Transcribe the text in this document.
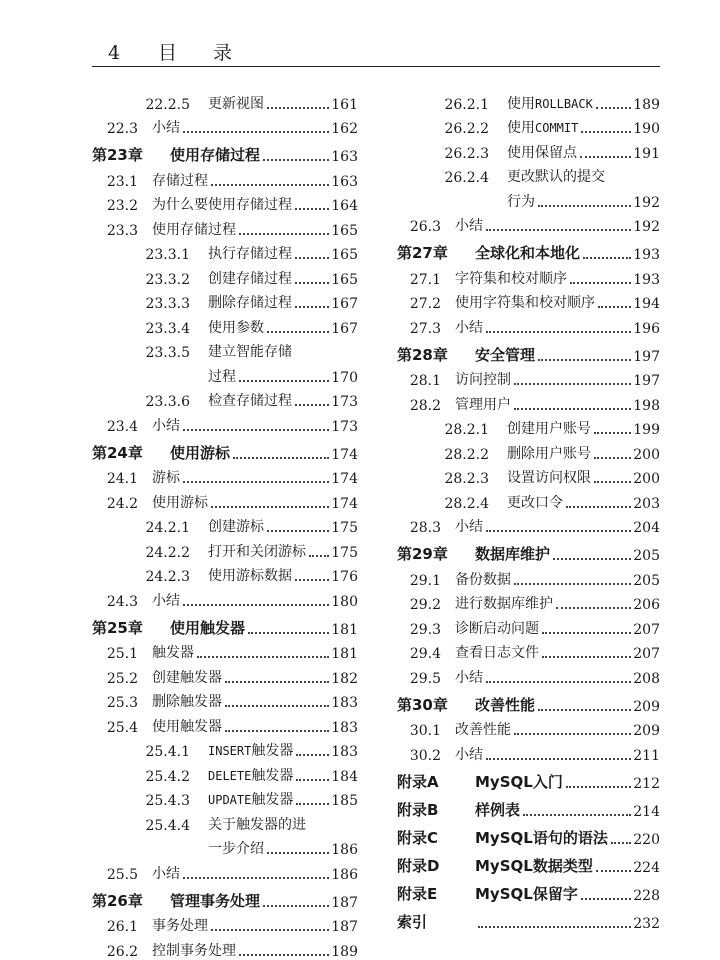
4 目录
22.2.5 更新视图	161
22.3 小结	162
第23章	使用存储过程	163
23.1 存储过程	163
23.2 为什么要使用存储过程	164
23.3 使用存储过程	165
23.3.1 执行存储过程	165
23.3.2 创建存储过程	165
23.3.3 删除存储过程	167
23.3.4 使用参数	167
23.3.5 建立智能存储
过程	170
23.3.6 检查存储过程	173
23.4 小结	173
第24章	使用游标	174
24.1 游标	174
24.2 使用游标	174
24.2.1 创建游标	175
24.2.2 打开和关闭游标 175
24.2.3 使用游标数据	176
24.3 小结	180
第25章	使用触发器	181
25.1 触发器	181
25.2 创建触发器	182
25.3 删除触发器	183
25.4 使用触发器	183
25.4.1 INSERT触发器	183
25.4.2 DELETE触发器	184
25.4.3 UPDATE触发器	185
25.4.4 关于触发器的进
一步介绍	186
25.5 小结	186
第26章	管理事务处理	187
26.1 事务处理	187
26.2 控制事务处理	189
26.2.1 使用ROLLBACK	189
26.2.2 使用COMMIT	190
26.2.3 使用保留点	191
26.2.4 更改默认的提交
行为	192
26.3 小结	192
第27章	全球化和本地化	193
27.1 字符集和校对顺序	193
27.2 使用字符集和校对顺序	194
27.3 小结	196
第28章	安全管理	197
28.1 访问控制	197
28.2 管理用户	198
28.2.1 创建用户账号	199
28.2.2 删除用户账号	200
28.2.3 设置访问权限	200
28.2.4 更改口令	203
28.3 小结	204
第29章	数据库维护	205
29.1 备份数据	205
29.2 进行数据库维护	206
29.3 诊断启动问题	207
29.4 查看日志文件	207
29.5 小结	208
第30章	改善性能	209
30.1 改善性能	209
30.2 小结	211
附录A	MySQL入门	212
附录B	样例表	214
附录C	MySQL语句的语法 220
附录D	MySQL数据类型	224
附录E	MySQL保留字	228
索引	232
